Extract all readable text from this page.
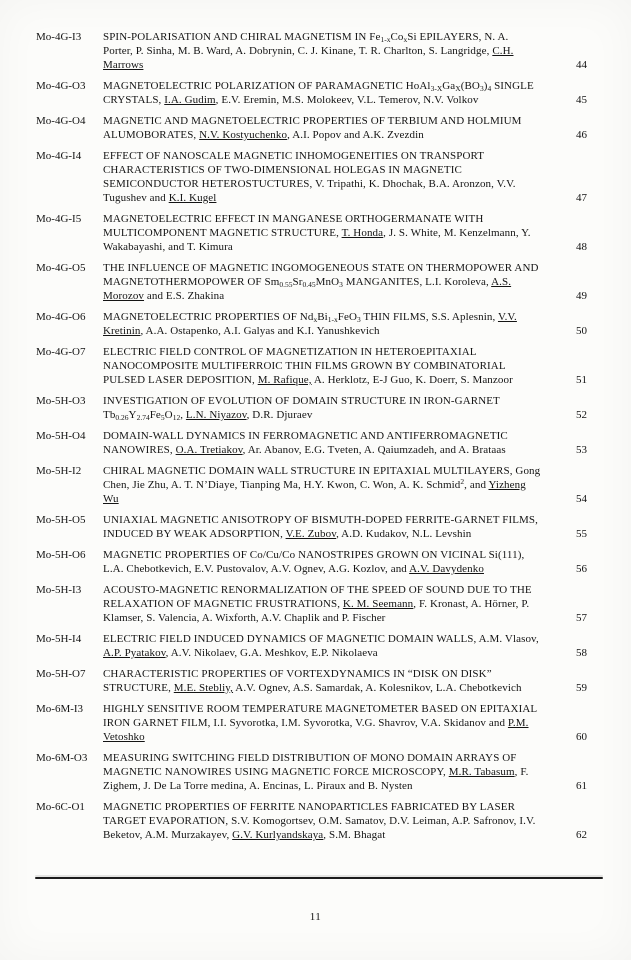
Mo-4G-I3	SPIN-POLARISATION AND CHIRAL MAGNETISM IN $Fe_{1-x}Co_xSi$ EPILAYERS, N. A. Porter, P. Sinha, M. B. Ward, A. Dobrynin, C. J. Kinane, T. R. Charlton, S. Langridge, C.H. Marrows	44
Mo-4G-O3	MAGNETOELECTRIC POLARIZATION OF PARAMAGNETIC $HoAl_{3-X}Ga_X(BO_3)_4$ SINGLE CRYSTALS, I.A. Gudim, E.V. Eremin, M.S. Molokeev, V.L. Temerov, N.V. Volkov	45
Mo-4G-O4	MAGNETIC AND MAGNETOELECTRIC PROPERTIES OF TERBIUM AND HOLMIUM ALUMOBORATES, N.V. Kostyuchenko, A.I. Popov and A.K. Zvezdin	46
Mo-4G-I4	EFFECT OF NANOSCALE MAGNETIC INHOMOGENEITIES ON TRANSPORT CHARACTERISTICS OF TWO-DIMENSIONAL HOLEGAS IN MAGNETIC SEMICONDUCTOR HETEROSTUCTURES, V. Tripathi, K. Dhochak, B.A. Aronzon, V.V. Tugushev and K.I. Kugel	47
Mo-4G-I5	MAGNETOELECTRIC EFFECT IN MANGANESE ORTHOGERMANATE WITH MULTICOMPONENT MAGNETIC STRUCTURE, T. Honda, J. S. White, M. Kenzelmann, Y. Wakabayashi, and T. Kimura	48
Mo-4G-O5	THE INFLUENCE OF MAGNETIC INGOMOGENEOUS STATE ON THERMOPOWER AND MAGNETOTHERMOPOWER OF $Sm_{0.55}Sr_{0.45}MnO_3$ MANGANITES, L.I. Koroleva, A.S. Morozov and E.S. Zhakina	49
Mo-4G-O6	MAGNETOELECTRIC PROPERTIES OF $Nd_xBi_{1-x}FeO_3$ THIN FILMS, S.S. Aplesnin, V.V. Kretinin, A.A. Ostapenko, A.I. Galyas and K.I. Yanushkevich	50
Mo-4G-O7	ELECTRIC FIELD CONTROL OF MAGNETIZATION IN HETEROEPITAXIAL NANOCOMPOSITE MULTIFERROIC THIN FILMS GROWN BY COMBINATORIAL PULSED LASER DEPOSITION, M. Rafique, A. Herklotz, E-J Guo, K. Doerr, S. Manzoor	51
Mo-5H-O3	INVESTIGATION OF EVOLUTION OF DOMAIN STRUCTURE IN IRON-GARNET $Tb_{0.26}Y_{2.74}Fe_5O_{12}$, L.N. Niyazov, D.R. Djuraev	52
Mo-5H-O4	DOMAIN-WALL DYNAMICS IN FERROMAGNETIC AND ANTIFERROMAGNETIC NANOWIRES, O.A. Tretiakov, Ar. Abanov, E.G. Tveten, A. Qaiumzadeh, and A. Brataas	53
Mo-5H-I2	CHIRAL MAGNETIC DOMAIN WALL STRUCTURE IN EPITAXIAL MULTILAYERS, Gong Chen, Jie Zhu, A. T. N’Diaye, Tianping Ma, H.Y. Kwon, C. Won, A. K. Schmid$^2$, and Yizheng Wu	54
Mo-5H-O5	UNIAXIAL MAGNETIC ANISOTROPY OF BISMUTH-DOPED FERRITE-GARNET FILMS, INDUCED BY WEAK ADSORPTION, V.E. Zubov, A.D. Kudakov, N.L. Levshin	55
Mo-5H-O6	MAGNETIC PROPERTIES OF Co/Cu/Co NANOSTRIPES GROWN ON VICINAL Si(111), L.A. Chebotkevich, E.V. Pustovalov, A.V. Ognev, A.G. Kozlov, and A.V. Davydenko	56
Mo-5H-I3	ACOUSTO-MAGNETIC RENORMALIZATION OF THE SPEED OF SOUND DUE TO THE RELAXATION OF MAGNETIC FRUSTRATIONS, K. M. Seemann, F. Kronast, A. Hörner, P. Klamser, S. Valencia, A. Wixforth, A.V. Chaplik and P. Fischer	57
Mo-5H-I4	ELECTRIC FIELD INDUCED DYNAMICS OF MAGNETIC DOMAIN WALLS, A.M. Vlasov, A.P. Pyatakov, A.V. Nikolaev, G.A. Meshkov, E.P. Nikolaeva	58
Mo-5H-O7	CHARACTERISTIC PROPERTIES OF VORTEXDYNAMICS IN “DISK ON DISK” STRUCTURE, M.E. Stebliy, A.V. Ognev, A.S. Samardak, A. Kolesnikov, L.A. Chebotkevich	59
Mo-6M-I3	HIGHLY SENSITIVE ROOM TEMPERATURE MAGNETOMETER BASED ON EPITAXIAL IRON GARNET FILM, I.I. Syvorotka, I.M. Syvorotka, V.G. Shavrov, V.A. Skidanov and P.M. Vetoshko	60
Mo-6M-O3	MEASURING SWITCHING FIELD DISTRIBUTION OF MONO DOMAIN ARRAYS OF MAGNETIC NANOWIRES USING MAGNETIC FORCE MICROSCOPY, M.R. Tabasum, F. Zighem, J. De La Torre medina, A. Encinas, L. Piraux and B. Nysten	61
Mo-6C-O1	MAGNETIC PROPERTIES OF FERRITE NANOPARTICLES FABRICATED BY LASER TARGET EVAPORATION, S.V. Komogortsev, O.M. Samatov, D.V. Leiman, A.P. Safronov, I.V. Beketov, A.M. Murzakayev, G.V. Kurlyandskaya, S.M. Bhagat	62
11
